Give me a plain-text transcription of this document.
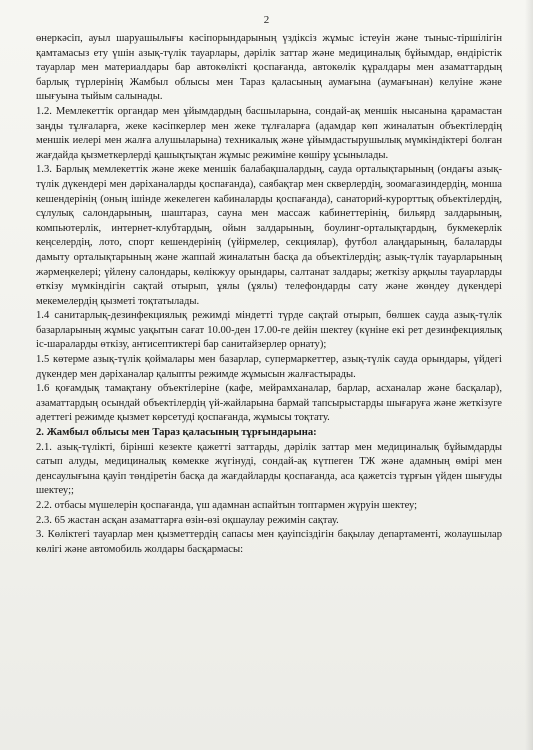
2

өнеркәсіп, ауыл шаруашылығы кәсіпорындарының үздіксіз жұмыс істеуін және тыныс-тіршілігін қамтамасыз ету үшін азық-түлік тауарлары, дәрілік заттар және медициналық бұйымдар, өндірістік тауарлар мен материалдары бар автокөлікті қоспағанда, автокөлік құралдары мен азаматтардың барлық түрлерінің Жамбыл облысы мен Тараз қаласының аумағына (аумағынан) келуіне және шығуына тыйым салынады.

1.2. Мемлекеттік органдар мен ұйымдардың басшыларына, сондай-ақ меншік нысанына қарамастан заңды тұлғаларға, жеке кәсіпкерлер мен жеке тұлғаларға (адамдар көп жиналатын объектілердің меншік иелері мен жалға алушыларына) техникалық және ұйымдастырушылық мүмкіндіктері болған жағдайда қызметкерлерді қашықтықтан жұмыс режиміне көшіру ұсынылады.

1.3. Барлық мемлекеттік және жеке меншік балабақшалардың, сауда орталықтарының (ондағы азық-түлік дүкендері мен дәріханаларды қоспағанда), саябақтар мен скверлердің, зоомагазиндердің, монша кешендерінің (оның ішінде жекелеген кабиналарды қоспағанда), санаторий-курорттық объектілердің, сұлулық салондарының, шаштараз, сауна мен массаж кабинеттерінің, бильярд залдарының, компьютерлік, интернет-клубтардың, ойын залдарының, боулинг-орталықтардың, букмекерлік кеңселердің, лото, спорт кешендерінің (үйірмелер, секциялар), футбол алаңдарының, балаларды дамыту орталықтарының және жаппай жиналатын басқа да объектілердің; азық-түлік тауарларының жәрмеңкелері; үйлену салондары, көлікжуу орындары, салтанат залдары; жеткізу арқылы тауарларды өткізу мүмкіндігін сақтай отырып, ұялы (ұялы) телефондарды сату және жөндеу дүкендері мекемелердің қызметі тоқтатылады.

1.4 санитарлық-дезинфекциялық режимді міндетті түрде сақтай отырып, бөлшек сауда азық-түлік базарларының жұмыс уақытын сағат 10.00-ден 17.00-ге дейін шектеу (күніне екі рет дезинфекциялық іс-шараларды өткізу, антисептиктері бар санитайзерлер орнату);

1.5 көтерме азық-түлік қоймалары мен базарлар, супермаркеттер, азық-түлік сауда орындары, үйдегі дүкендер мен дәріханалар қалыпты режимде жұмысын жалғастырады.

1.6 қоғамдық тамақтану объектілеріне (кафе, мейрамханалар, барлар, асханалар және басқалар), азаматтардың осындай объектілердің үй-жайларына бармай тапсырыстарды шығаруға және жеткізуге әдеттегі режимде қызмет көрсетуді қоспағанда, жұмысы тоқтату.

2. Жамбыл облысы мен Тараз қаласының тұрғындарына:

2.1. азық-түлікті, бірінші кезекте қажетті заттарды, дәрілік заттар мен медициналық бұйымдарды сатып алуды, медициналық көмекке жүгінуді, сондай-ақ күтпеген ТЖ және адамның өмірі мен денсаулығына қауіп төндіретін басқа да жағдайларды қоспағанда, аса қажетсіз тұрғын үйден шығуды шектеу;;

2.2. отбасы мүшелерін қоспағанда, үш адамнан аспайтын топтармен жүруін шектеу;

2.3. 65 жастан асқан азаматтарға өзін-өзі оқшаулау режимін сақтау.

3. Көліктегі тауарлар мен қызметтердің сапасы мен қауіпсіздігін бақылау департаменті, жолаушылар көлігі және автомобиль жолдары басқармасы:
